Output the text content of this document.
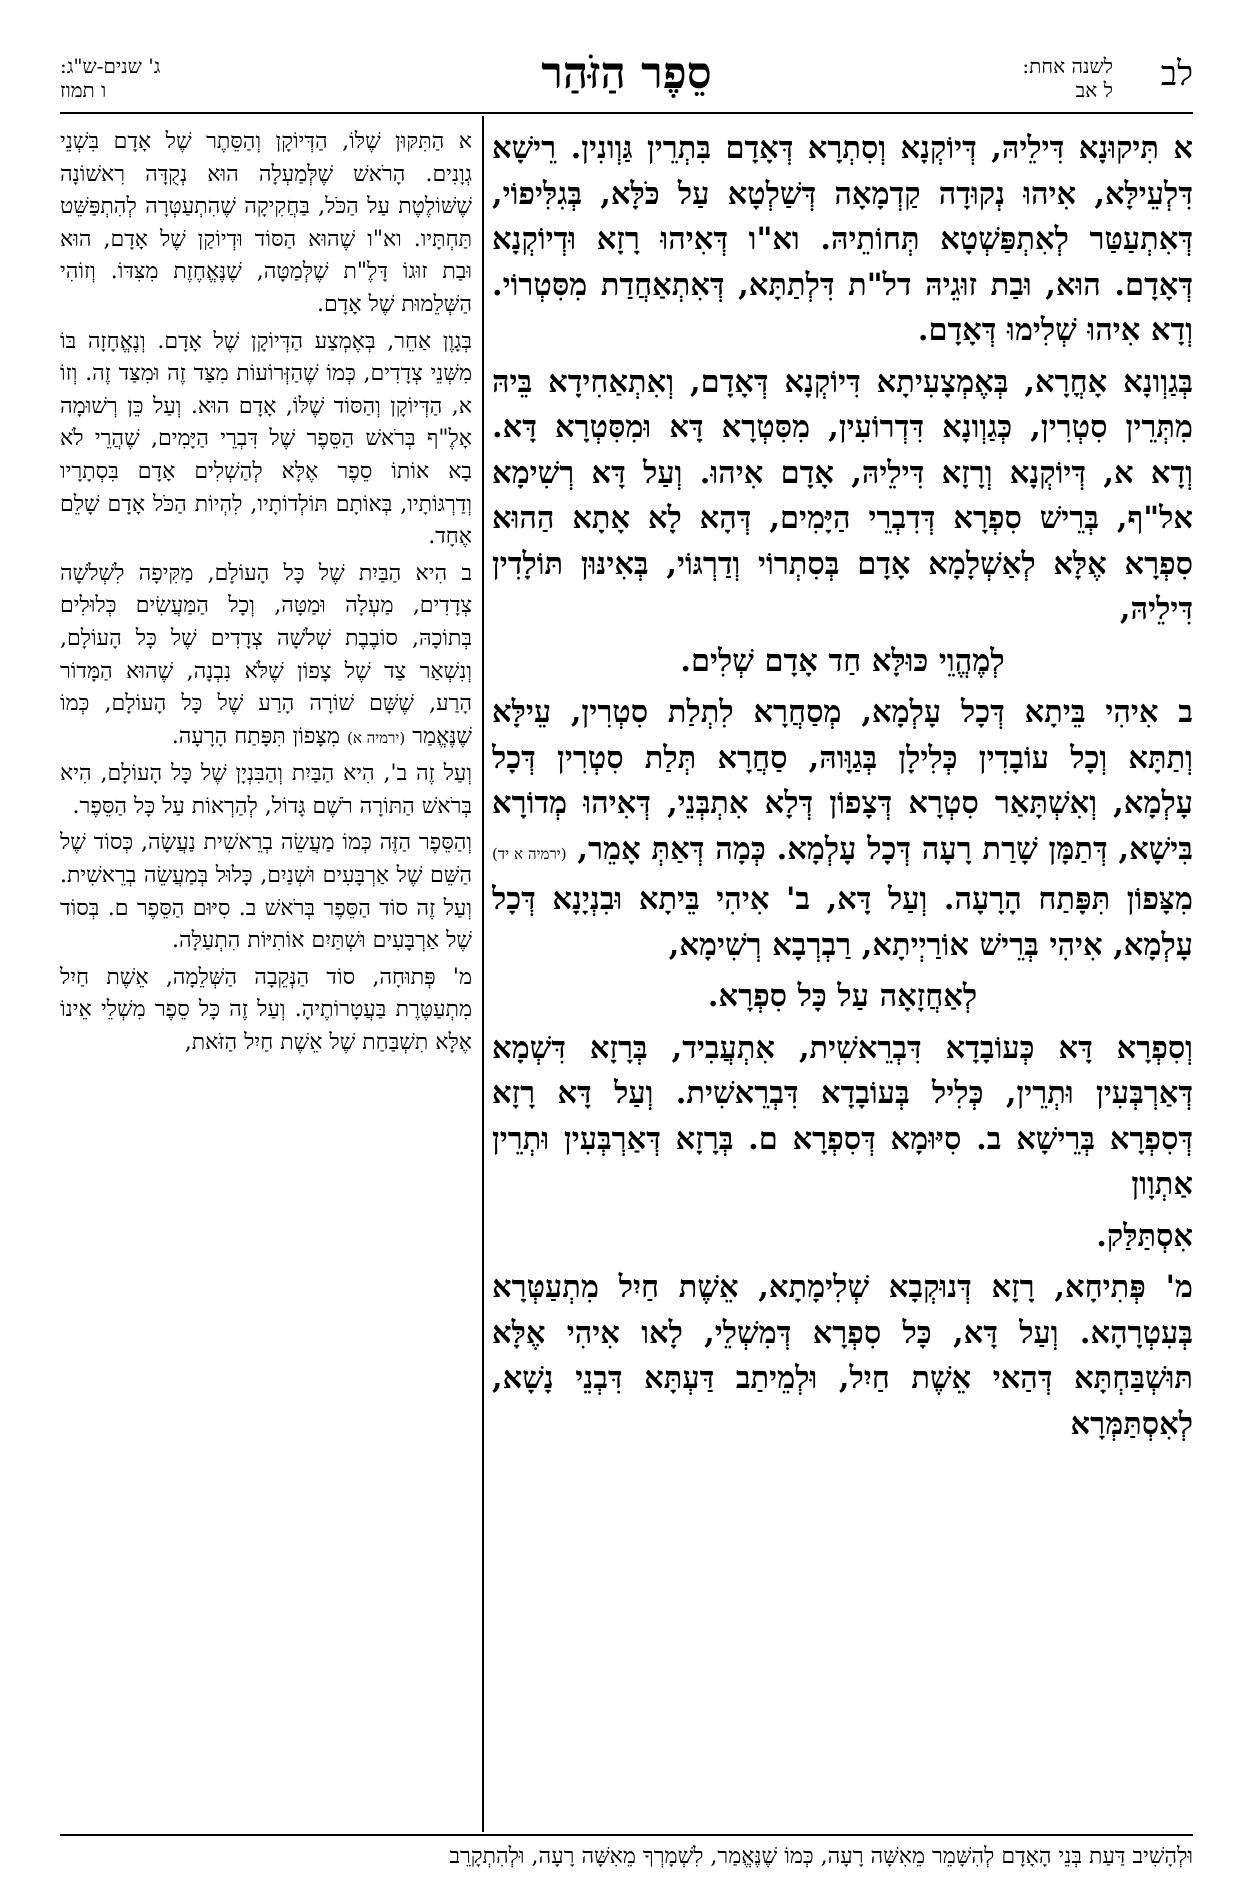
לב
לשנה אחת:
ל אב
סֵפֶר הַזֹּהַר
ג' שנים-ש"ג:
ו תמוז

א תִּיקוּנָא דִּילֵיהּ, דְּיוֹקְנָא וְסִתְרָא דְּאָדָם בִּתְרֵין גַּוְונִין. רֵישָׁא דִּלְעֵילָּא, אִיהוּ נְקוּדָה קַדְמָאָה דְּשַׁלְטָא עַל כֹּלָּא, בְּגִלִּיפוֹי, דְּאִתְעַטַּר לְאִתְפַּשְׁטָא תְּחוֹתֵיהּ. וא"ו דְּאִיהוּ רָזָא וּדְיוֹקְנָא דְּאָדָם. הוּא, וּבַת זוּגֵיהּ דל"ת דִּלְתַתָּא, דְּאִתְאַחֲדַת מִסִּטְרוֹי. וְדָא אִיהוּ שְׁלִימוּ דְּאָדָם.

בְּגַוְונָא אָחֳרָא, בְּאֶמְצָעִיתָא דִּיוֹקְנָא דְּאָדָם, וְאִתְאַחִידָא בֵּיהּ מִתְּרֵין סִטְרִין, כְּגַוְונָא דִּדְרוֹעִין, מִסִּטְרָא דָּא וּמִסִּטְרָא דָּא. וְדָא א, דְּיוֹקְנָא וְרָזָא דִּילֵיהּ, אָדָם אִיהוּ. וְעַל דָּא רְשִׁימָא אל"ף, בְּרֵישׁ סִפְרָא דְּדִבְרֵי הַיָּמִים, דְּהָא לָא אָתָא הַהוּא סִפְרָא אֶלָּא לְאַשְׁלָמָא אָדָם בְּסִתְרוֹי וְדַרְגּוֹי, בְּאִינּוּן תּוֹלָדִין דִּילֵיהּ,

לְמֶהֱוֵי כּוּלָּא חַד אָדָם שְׁלִים.

ב אִיהִי בֵּיתָא דְּכָל עָלְמָא, מְסַחֲרָא לִתְלַת סִטְרִין, עֵילָּא וְתַתָּא וְכָל עוֹבָדִין כְּלִילָן בְּגַוָּוהּ, סַחֲרָא תְּלַת סִטְרִין דְּכָל עָלְמָא, וְאִשְׁתָּאַר סִטְרָא דְּצָפוֹן דְּלָא אִתְבְּנֵי, דְּאִיהוּ מְדוֹרָא בִּישָׁא, דְּתַמָּן שָׁרַת רָעָה דְּכָל עָלְמָא. כְּמָה דְּאַתְּ אָמֵר, (ירמיה א יד) מִצָּפוֹן תִּפָּתַח הָרָעָה. וְעַל דָּא, ב' אִיהִי בֵּיתָא וּבִנְיָנָא דְּכָל עָלְמָא, אִיהִי בְּרֵישׁ אוֹרַיְיתָא, רַבְרְבָא רְשִׁימָא,

לְאַחֲזָאָה עַל כָּל סִפְרָא.

וְסִפְרָא דָּא כְּעוֹבָדָא דִּבְרֵאשִׁית, אִתְעֲבִיד, בְּרָזָא דִּשְׁמָא דְּאַרְבְּעִין וּתְרֵין, כְּלִיל בְּעוֹבָדָא דִּבְרֵאשִׁית. וְעַל דָּא רָזָא דְּסִפְרָא בְּרֵישָׁא ב. סִיּוּמָא דְּסִפְרָא ם. בְּרָזָא דְּאַרְבְּעִין וּתְרֵין אַתְוָון

אִסְתַּלַּק.

מ' פְּתִיחָא, רָזָא דְּנוּקְבָא שְׁלִימָתָא, אֵשֶׁת חַיִל מִתְעַטְּרָא בְּעִטְרָהָא. וְעַל דָּא, כָּל סִפְרָא דְּמִשְׁלֵי, לָאו אִיהִי אֶלָּא תּוּשְׁבַּחְתָּא דְּהַאי אֵשֶׁת חַיִל, וּלְמֵיתַב דַּעְתָּא דִּבְנֵי נָשָׁא, לְאִסְתַּמְּרָא

א הַתִּקּוּן שֶׁלּוֹ, הַדְּיוֹקָן וְהַסֵּתֶר שֶׁל אָדָם בִּשְׁנֵי גְוָנִים. הָרֹאשׁ שֶׁלְּמַעְלָה הוּא נְקֻדָּה רִאשׁוֹנָה שֶׁשּׁוֹלֶטֶת עַל הַכֹּל, בַּחֲקִיקָה שֶׁהִתְעַטְּרָה לְהִתְפַּשֵּׁט תַּחְתָּיו. וא"ו שֶׁהוּא הַסּוֹד וּדְיוֹקַן שֶׁל אָדָם, הוּא וּבַת זוּגוֹ דָּלֶ"ת שֶׁלְּמַטָּה, שֶׁנֶּאֱחֶזֶת מִצִּדּוֹ. וְזוֹהִי הַשְּׁלֵמוּת שֶׁל אָדָם.

בְּגָוֶן אַחֵר, בְּאֶמְצַע הַדְּיוֹקָן שֶׁל אָדָם. וְנֶאֱחָזָה בּוֹ מִשְּׁנֵי צְדָדִים, כְּמוֹ שֶׁהַזְּרוֹעוֹת מִצַּד זֶה וּמִצַּד זֶה. וְזוֹ א, הַדְּיוֹקָן וְהַסּוֹד שֶׁלּוֹ, אָדָם הוּא. וְעַל כֵּן רְשׁוּמָה אָלֶ"ף בְּרֹאשׁ הַסֵּפֶר שֶׁל דִּבְרֵי הַיָּמִים, שֶׁהֲרֵי לֹא בָא אוֹתוֹ סֵפֶר אֶלָּא לְהַשְׁלִים אָדָם בִּסְתָרָיו וְדַרְגּוֹתָיו, בְּאוֹתָם תּוֹלְדוֹתָיו, לִהְיוֹת הַכֹּל אָדָם שָׁלֵם אֶחָד.

ב הִיא הַבַּיִת שֶׁל כָּל הָעוֹלָם, מַקִּיפָה לִשְׁלֹשָׁה צְדָדִים, מַעְלָה וּמַטָּה, וְכָל הַמַּעֲשִׂים כְּלוּלִים בְּתוֹכָהּ, סוֹבֶבֶת שְׁלֹשָׁה צְדָדִים שֶׁל כָּל הָעוֹלָם, וְנִשְׁאַר צַד שֶׁל צָפוֹן שֶׁלֹּא נִבְנָה, שֶׁהוּא הַמָּדוֹר הָרַע, שֶׁשָּׁם שׁוֹרָה הָרַע שֶׁל כָּל הָעוֹלָם, כְּמוֹ שֶׁנֶּאֱמַר (ירמיה א) מִצָּפוֹן תִּפָּתַח הָרָעָה.

וְעַל זֶה ב', הִיא הַבַּיִת וְהַבִּנְיָן שֶׁל כָּל הָעוֹלָם, הִיא בְּרֹאשׁ הַתּוֹרָה רֹשֶׁם גָּדוֹל, לְהַרְאוֹת עַל כָּל הַסֵּפֶר.

וְהַסֵּפֶר הַזֶּה כְּמוֹ מַעֲשֵׂה בְרֵאשִׁית נַעֲשָׂה, כְּסוֹד שֶׁל הַשֵּׁם שֶׁל אַרְבָּעִים וּשְׁנַיִם, כָּלוּל בְּמַעֲשֵׂה בְרֵאשִׁית. וְעַל זֶה סוֹד הַסֵּפֶר בְּרֹאשׁ ב. סִיּוּם הַסֵּפֶר ם. בְּסוֹד שֶׁל אַרְבָּעִים וּשְׁתַּיִם אוֹתִיּוֹת הִתְעַלָּה.

מ' פְּתוּחָה, סוֹד הַנְּקֵבָה הַשְּׁלֵמָה, אֵשֶׁת חַיִל מִתְעַטֶּרֶת בַּעֲטָרוֹתֶיהָ. וְעַל זֶה כָּל סֵפֶר מִשְׁלֵי אֵינוֹ אֶלָּא תִשְׁבַּחַת שֶׁל אֵשֶׁת חַיִל הַזֹּאת,

וּלְהָשִׁיב דַּעַת בְּנֵי הָאָדָם לְהִשָּׁמֵר מֵאִשָּׁה רָעָה, כְּמוֹ שֶׁנֶּאֱמַר, לִשְׁמָרְךָ מֵאִשָּׁה רָעָה, וּלְהִתְקָרֵב
